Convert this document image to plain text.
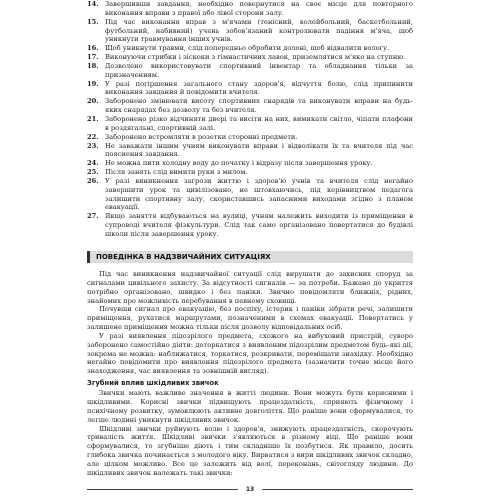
14. Завершивши завдання, необхідно повернутися на своє місце для повторного виконання вправи з правої або лівої сторони залу.
15. Під час виконання вправ з м'ячами (тенісний, волейбольний, баскетбольний, футбольний, набивний) учень зобов'язаний контролювати падіння м'яча, щоб уникнути травмування інших учнів.
16. Щоб уникнути травми, слід попередньо обробити долоні, щоб відвалити вологу.
17. Виконуючи стрибки і зіскоки з гімнастичних лавок, приземлятися м'яко на ступню.
18. Дозволено використовувати спортивний інвентар та обладнання тільки за призначенням.
19. У разі погіршення загального стану здоров'я, відчуття болю, слід припинити виконання завдання й повідомити вчителя.
20. Заборонено змінювати висоту спортивних снарядів та виконувати вправи на будь-яких снарядах без дозволу та без вчителя.
21. Заборонено різко відчиняти двері та висіти на них, вимикати світло, чіпати плафони в роздягальні, спортивній залі.
22. Заборонено встромляти в розетки сторонні предмети.
23. Не заважати іншим учням виконувати вправи і відволікати їх та вчителя під час пояснення завдання.
24. Не можна пити холодну воду до початку і відразу після завершення уроку.
25. Після занять слід вимити руки з милом.
26. У разі виникнення загрози життю і здоров'ю учнів та вчителя слід негайно завершити урок та цивілізовано, не штовхаючись, під керівництвом педагога залишити спортивну залу, скориставшись запасними виходами згідно з планом евакуації.
27. Якщо заняття відбуваються на вулиці, учням належить виходити із приміщення в супроводі вчителя фізкультури. Слід так само організовано повертатися до будівлі школи після завершення уроку.
ПОВЕДІНКА В НАДЗВИЧАЙНИХ СИТУАЦІЯХ

Під час виникнення надзвичайної ситуації слід вирушати до захисних споруд за сигналами цивільного захисту. За відсутності сигналів — за потреби. Бажано до укриття потрібно організовано, швидко і без паніки. Звично повідомляти ближніх, рідних, знайомих про можливість перебування в певному сховищі.

Почувши сигнал про евакуацію, без поспіху, істерик і паніки зібрати речі, залишити приміщення, рухатися маршрутами, позначеними в схемах евакуації. Повертатись у залишене приміщення можна тільки після дозволу відповідальних осіб.

У разі виявлення підозрілого предмета, схожого на вибуховий пристрій, суворо заборонено самостійно діяти: доторкатися з виявленим підозрілим предметом будь-які дії, зокрема не можна: наближатися, торкатися, розкривати, переміщати знахідку. Необхідно негайно повідомити про виявлення підозрілого предмета (зазначити точне місце його знаходження, час виявлення та зовнішній вигляд).

Згубний вплив шкідливих звичок

Звички мають важливе значення в житті людини. Вони можуть бути корисними і шкідливими. Корисні звички підвищують працездатність, сприяють фізичному і психічному розвитку, зумовлюють активне довголіття. Що раніше вони сформувалися, то легше людині уникнути шкідливих звичок.

Шкідливі звички руйнують волю і здоров'я, знижують працездатність, скорочують тривалість життя. Шкідливі звички з'являються в різному віці. Що раніше вони сформувалися, то згубніше діють і тим складніше їх позбутися. Як правило, досить глибока звичка починається з молодого віку. Вирватися з вири шкідливих звичок складно, але цілком можливо. Все це залежить від волі, переконань, світогляду людини. До шкідливих звичок належать такі звички:

13
